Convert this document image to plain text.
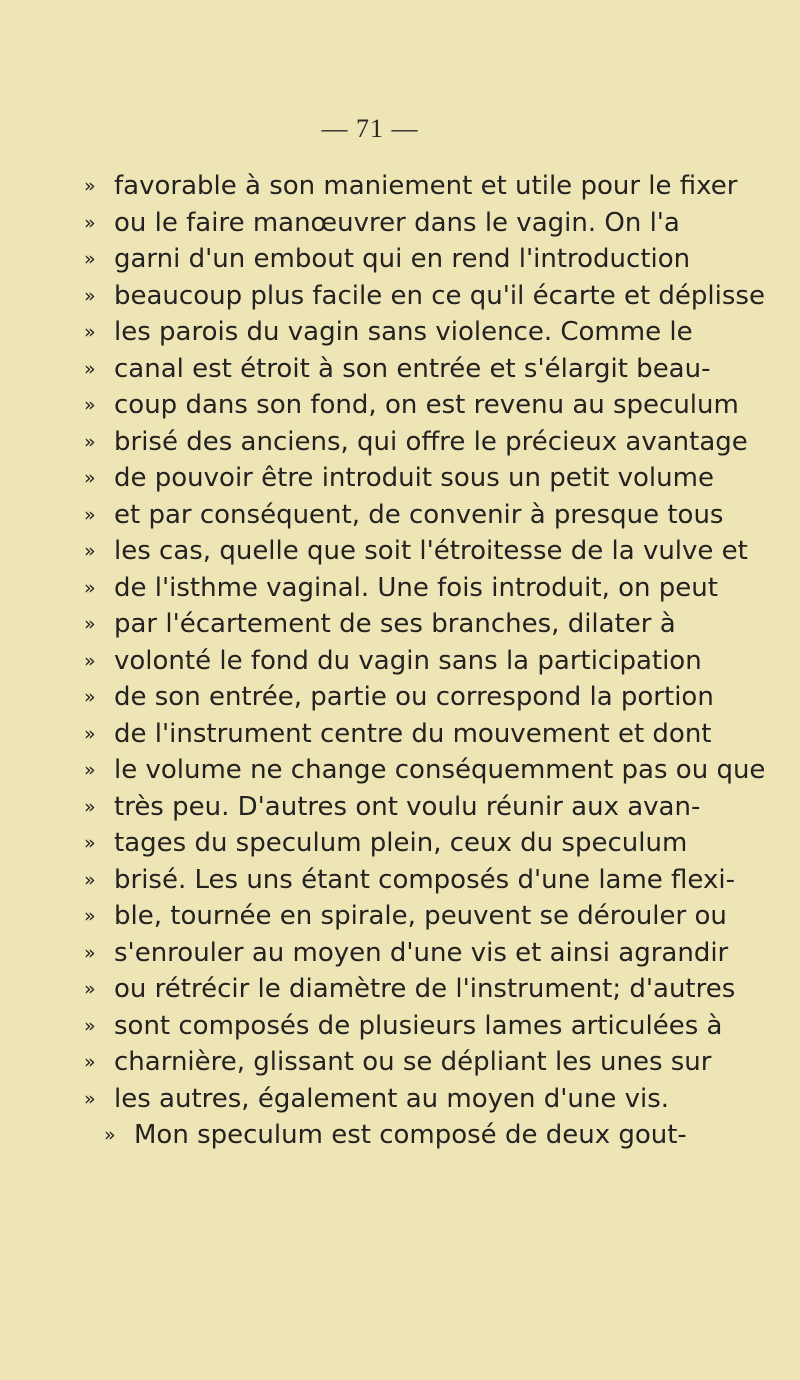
— 71 —
» favorable à son maniement et utile pour le fixer
» ou le faire manœuvrer dans le vagin. On l'a
» garni d'un embout qui en rend l'introduction
» beaucoup plus facile en ce qu'il écarte et déplisse
» les parois du vagin sans violence. Comme le
» canal est étroit à son entrée et s'élargit beau-
» coup dans son fond, on est revenu au speculum
» brisé des anciens, qui offre le précieux avantage
» de pouvoir être introduit sous un petit volume
» et par conséquent, de convenir à presque tous
» les cas, quelle que soit l'étroitesse de la vulve et
» de l'isthme vaginal. Une fois introduit, on peut
» par l'écartement de ses branches, dilater à
» volonté le fond du vagin sans la participation
» de son entrée, partie ou correspond la portion
» de l'instrument centre du mouvement et dont
» le volume ne change conséquemment pas ou que
» très peu. D'autres ont voulu réunir aux avan-
» tages du speculum plein, ceux du speculum
» brisé. Les uns étant composés d'une lame flexi-
» ble, tournée en spirale, peuvent se dérouler ou
» s'enrouler au moyen d'une vis et ainsi agrandir
» ou rétrécir le diamètre de l'instrument; d'autres
» sont composés de plusieurs lames articulées à
» charnière, glissant ou se dépliant les unes sur
» les autres, également au moyen d'une vis.
» Mon speculum est composé de deux gout-
